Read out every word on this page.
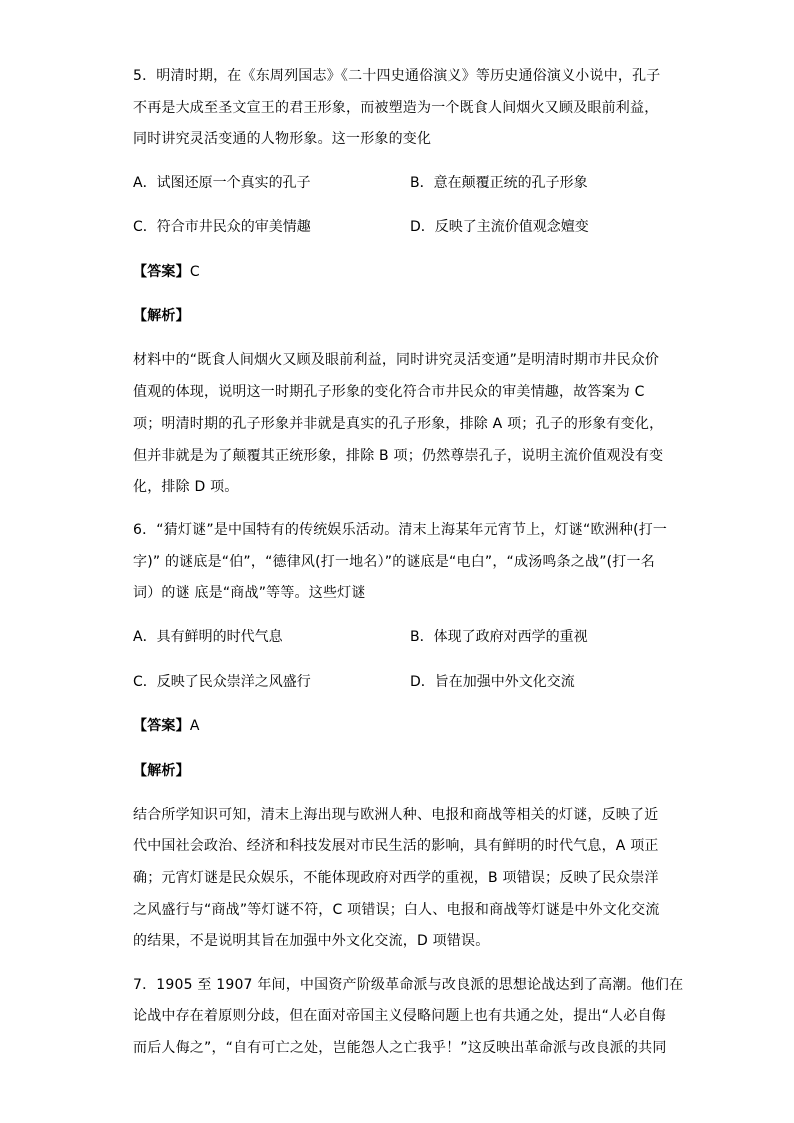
5．明清时期，在《东周列国志》《二十四史通俗演义》等历史通俗演义小说中，孔子
不再是大成至圣文宣王的君王形象，而被塑造为一个既食人间烟火又顾及眼前利益，
同时讲究灵活变通的人物形象。这一形象的变化
A．试图还原一个真实的孔子	B．意在颠覆正统的孔子形象
C．符合市井民众的审美情趣	D．反映了主流价值观念嬗变
【答案】C
【解析】
材料中的“既食人间烟火又顾及眼前利益，同时讲究灵活变通”是明清时期市井民众价
值观的体现，说明这一时期孔子形象的变化符合市井民众的审美情趣，故答案为 C
项；明清时期的孔子形象并非就是真实的孔子形象，排除 A 项；孔子的形象有变化，
但并非就是为了颠覆其正统形象，排除 B 项；仍然尊崇孔子，说明主流价值观没有变
化，排除 D 项。
6．“猜灯谜”是中国特有的传统娱乐活动。清末上海某年元宵节上，灯谜“欧洲种(打一
字)” 的谜底是“伯”，“德律风(打一地名）”的谜底是“电白”，“成汤鸣条之战”(打一名
词）的谜 底是“商战”等等。这些灯谜
A．具有鲜明的时代气息	B．体现了政府对西学的重视
C．反映了民众崇洋之风盛行	D．旨在加强中外文化交流
【答案】A
【解析】
结合所学知识可知，清末上海出现与欧洲人种、电报和商战等相关的灯谜，反映了近
代中国社会政治、经济和科技发展对市民生活的影响，具有鲜明的时代气息，A 项正
确；元宵灯谜是民众娱乐，不能体现政府对西学的重视，B 项错误；反映了民众崇洋
之风盛行与“商战”等灯谜不符，C 项错误；白人、电报和商战等灯谜是中外文化交流
的结果，不是说明其旨在加强中外文化交流，D 项错误。
7．1905 至 1907 年间，中国资产阶级革命派与改良派的思想论战达到了高潮。他们在
论战中存在着原则分歧，但在面对帝国主义侵略问题上也有共通之处，提出“人必自侮
而后人侮之”，“自有可亡之处，岂能怨人之亡我乎！”这反映出革命派与改良派的共同
